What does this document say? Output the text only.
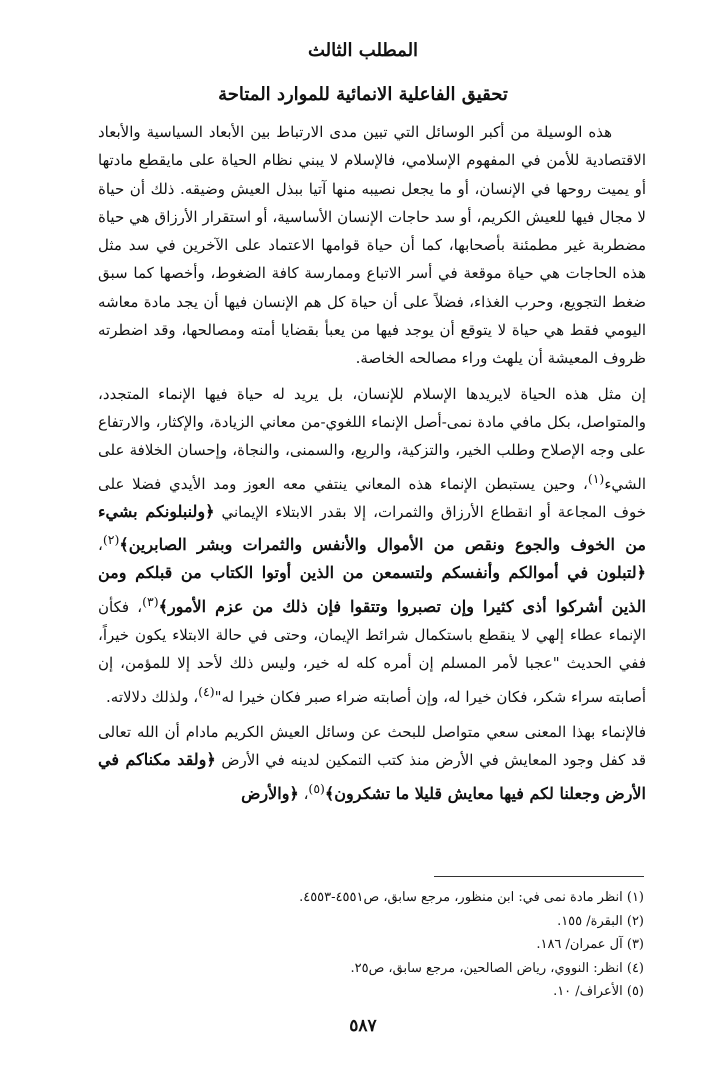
المطلب الثالث
تحقيق الفاعلية الانمائية للموارد المتاحة

هذه الوسيلة من أكبر الوسائل التي تبين مدى الارتباط بين الأبعاد السياسية والأبعاد الاقتصادية للأمن في المفهوم الإسلامي، فالإسلام لا يبني نظام الحياة على مايقطع مادتها أو يميت روحها في الإنسان، أو ما يجعل نصيبه منها آتيا ببذل العيش وضيقه. ذلك أن حياة لا مجال فيها للعيش الكريم، أو سد حاجات الإنسان الأساسية، أو استقرار الأرزاق هي حياة مضطربة غير مطمئنة بأصحابها، كما أن حياة قوامها الاعتماد على الآخرين في سد مثل هذه الحاجات هي حياة موقعة في أسر الاتباع وممارسة كافة الضغوط، وأخصها كما سبق ضغط التجويع، وحرب الغذاء، فضلاً على أن حياة كل هم الإنسان فيها أن يجد مادة معاشه اليومي فقط هي حياة لا يتوقع أن يوجد فيها من يعبأ بقضايا أمته ومصالحها، وقد اضطرته ظروف المعيشة أن يلهث وراء مصالحه الخاصة.

إن مثل هذه الحياة لايريدها الإسلام للإنسان، بل يريد له حياة فيها الإنماء المتجدد، والمتواصل، بكل مافي مادة نمى-أصل الإنماء اللغوي-من معاني الزيادة، والإكثار، والارتفاع على وجه الإصلاح وطلب الخير، والتزكية، والريع، والسمنى، والنجاة، وإحسان الخلافة على الشيء$^{(١)}$، وحين يستبطن الإنماء هذه المعاني ينتفي معه العوز ومد الأيدي فضلا على خوف المجاعة أو انقطاع الأرزاق والثمرات، إلا بقدر الابتلاء الإيماني ﴿ولنبلونكم بشيء من الخوف والجوع ونقص من الأموال والأنفس والثمرات وبشر الصابرين﴾$^{(٢)}$، ﴿لتبلون في أموالكم وأنفسكم ولتسمعن من الذين أوتوا الكتاب من قبلكم ومن الذين أشركوا أذى كثيرا وإن تصبروا وتتقوا فإن ذلك من عزم الأمور﴾$^{(٣)}$، فكأن الإنماء عطاء إلهي لا ينقطع باستكمال شرائط الإيمان، وحتى في حالة الابتلاء يكون خيراً، ففي الحديث "عجبا لأمر المسلم إن أمره كله له خير، وليس ذلك لأحد إلا للمؤمن، إن أصابته سراء شكر، فكان خيرا له، وإن أصابته ضراء صبر فكان خيرا له"$^{(٤)}$، ولذلك دلالاته.

فالإنماء بهذا المعنى سعي متواصل للبحث عن وسائل العيش الكريم مادام أن الله تعالى قد كفل وجود المعايش في الأرض منذ كتب التمكين لدينه في الأرض ﴿ولقد مكناكم في الأرض وجعلنا لكم فيها معايش قليلا ما تشكرون﴾$^{(٥)}$، ﴿والأرض

(١) انظر مادة نمى في: ابن منظور، مرجع سابق، ص٤٥٥١-٤٥٥٣.

(٢) البقرة/ ١٥٥.

(٣) آل عمران/ ١٨٦.

(٤) انظر: النووي، رياض الصالحين، مرجع سابق، ص٢٥.

(٥) الأعراف/ ١٠.

٥٨٧
